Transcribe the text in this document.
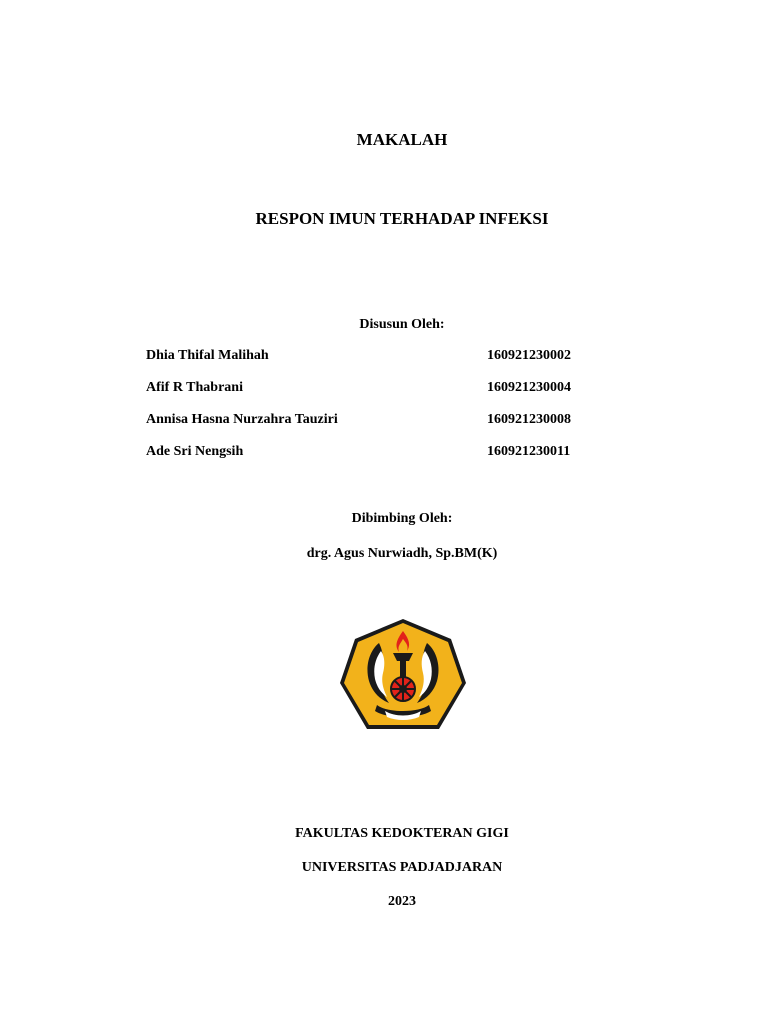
MAKALAH
RESPON IMUN TERHADAP INFEKSI
Disusun Oleh:
Dhia Thifal Malihah	160921230002
Afif R Thabrani	160921230004
Annisa Hasna Nurzahra Tauziri	160921230008
Ade Sri Nengsih	160921230011
Dibimbing Oleh:
drg. Agus Nurwiadh, Sp.BM(K)
FAKULTAS KEDOKTERAN GIGI
UNIVERSITAS PADJADJARAN
2023
